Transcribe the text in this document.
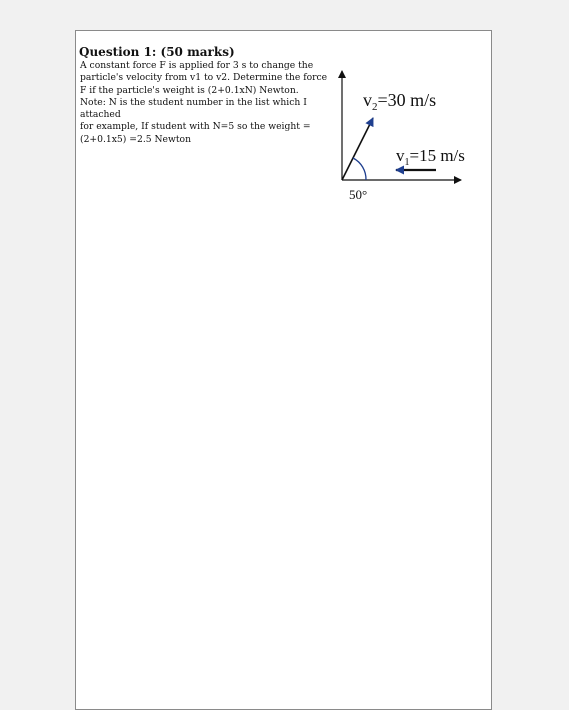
Question 1: (50 marks)

A constant force F is applied for 3 s to change the
particle's velocity from v1 to v2. Determine the force
F if the particle's weight is (2+0.1xN) Newton.
Note: N is the student number in the list which I
attached
for example, If student with N=5 so the weight =
(2+0.1x5) =2.5 Newton

$v_2=30$ m/s
$v_1=15$ m/s
50°
